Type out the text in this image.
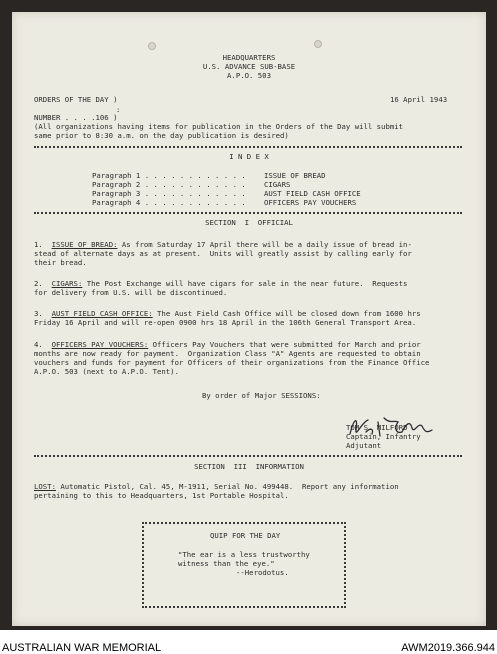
HEADQUARTERS
U.S. ADVANCE SUB-BASE
A.P.O. 503
ORDERS OF THE DAY )	16 April 1943
:
NUMBER . . . .106 )
(All organizations having items for publication in the Orders of the Day will submit
same prior to 8:30 a.m. on the day publication is desired)
I N D E X
Paragraph 1 . . . . . . . . . . . . ISSUE OF BREAD
Paragraph 2 . . . . . . . . . . . . CIGARS
Paragraph 3 . . . . . . . . . . . . AUST FIELD CASH OFFICE
Paragraph 4 . . . . . . . . . . . . OFFICERS PAY VOUCHERS
SECTION  I  OFFICIAL
1. ISSUE OF BREAD: As from Saturday 17 April there will be a daily issue of bread in-
stead of alternate days as at present.  Units will greatly assist by calling early for
their bread.
2. CIGARS: The Post Exchange will have cigars for sale in the near future.  Requests
for delivery from U.S. will be discontinued.
3. AUST FIELD CASH OFFICE: The Aust Field Cash Office will be closed down from 1600 hrs
Friday 16 April and will re-open 0900 hrs 18 April in the 106th General Transport Area.
4. OFFICERS PAY VOUCHERS: Officers Pay Vouchers that were submitted for March and prior
months are now ready for payment.  Organization Class "A" Agents are requested to obtain
vouchers and funds for payment for Officers of their organizations from the Finance Office
A.P.O. 503 (next to A.P.O. Tent).
By order of Major SESSIONS:
TOM S. MILFORD
Captain, Infantry
Adjutant
SECTION  III  INFORMATION
LOST: Automatic Pistol, Cal. 45, M-1911, Serial No. 499448.  Report any information
pertaining to this to Headquarters, 1st Portable Hospital.
QUIP FOR THE DAY
"The ear is a less trustworthy
witness than the eye."
--Herodotus.
AUSTRALIAN WAR MEMORIAL	AWM2019.366.944
